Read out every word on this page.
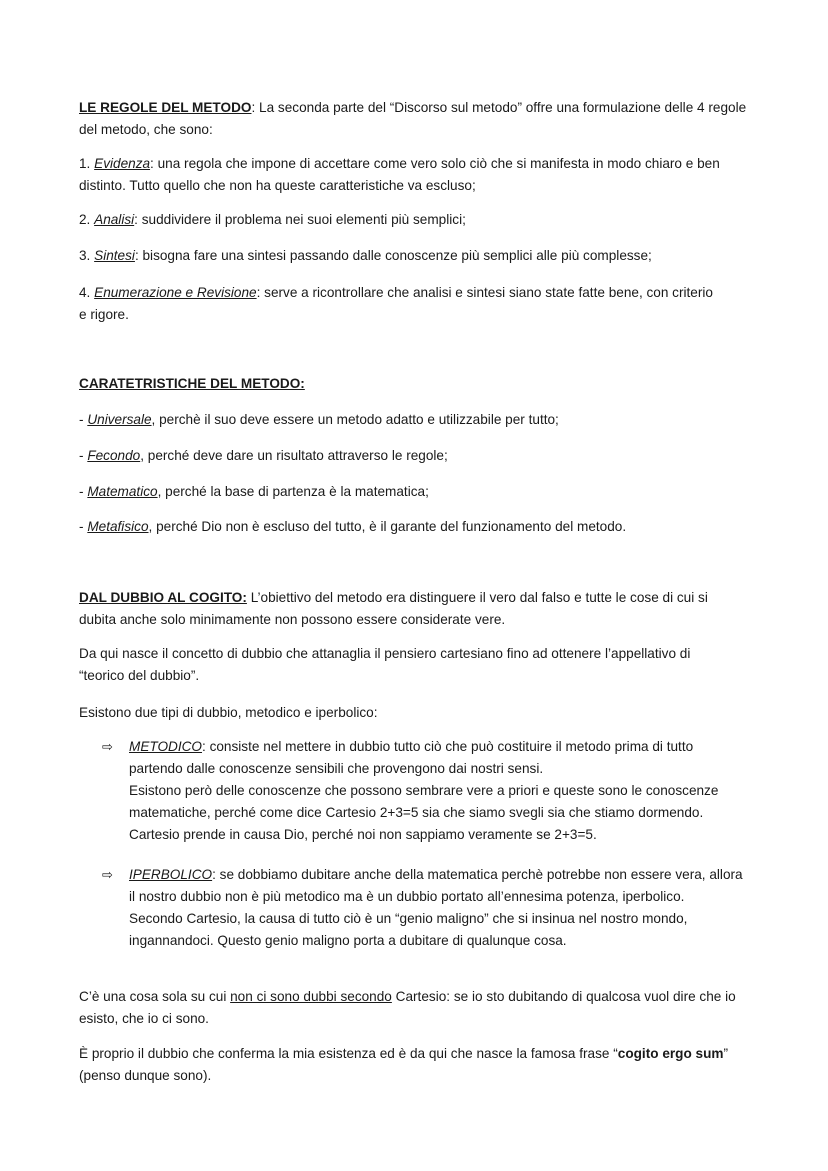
LE REGOLE DEL METODO: La seconda parte del “Discorso sul metodo” offre una formulazione delle 4 regole del metodo, che sono:

1. Evidenza: una regola che impone di accettare come vero solo ciò che si manifesta in modo chiaro e ben distinto. Tutto quello che non ha queste caratteristiche va escluso;

2. Analisi: suddividere il problema nei suoi elementi più semplici;

3. Sintesi: bisogna fare una sintesi passando dalle conoscenze più semplici alle più complesse;

4. Enumerazione e Revisione: serve a ricontrollare che analisi e sintesi siano state fatte bene, con criterio e rigore.

CARATETRISTICHE DEL METODO:

- Universale, perchè il suo deve essere un metodo adatto e utilizzabile per tutto;

- Fecondo, perché deve dare un risultato attraverso le regole;

- Matematico, perché la base di partenza è la matematica;

- Metafisico, perché Dio non è escluso del tutto, è il garante del funzionamento del metodo.

DAL DUBBIO AL COGITO: L’obiettivo del metodo era distinguere il vero dal falso e tutte le cose di cui si dubita anche solo minimamente non possono essere considerate vere.

Da qui nasce il concetto di dubbio che attanaglia il pensiero cartesiano fino ad ottenere l’appellativo di “teorico del dubbio”.

Esistono due tipi di dubbio, metodico e iperbolico:

⇨ METODICO: consiste nel mettere in dubbio tutto ciò che può costituire il metodo prima di tutto partendo dalle conoscenze sensibili che provengono dai nostri sensi.
Esistono però delle conoscenze che possono sembrare vere a priori e queste sono le conoscenze matematiche, perché come dice Cartesio 2+3=5 sia che siamo svegli sia che stiamo dormendo.
Cartesio prende in causa Dio, perché noi non sappiamo veramente se 2+3=5.
⇨ IPERBOLICO: se dobbiamo dubitare anche della matematica perchè potrebbe non essere vera, allora il nostro dubbio non è più metodico ma è un dubbio portato all’ennesima potenza, iperbolico.
Secondo Cartesio, la causa di tutto ciò è un “genio maligno” che si insinua nel nostro mondo, ingannandoci. Questo genio maligno porta a dubitare di qualunque cosa.

C’è una cosa sola su cui non ci sono dubbi secondo Cartesio: se io sto dubitando di qualcosa vuol dire che io esisto, che io ci sono.

È proprio il dubbio che conferma la mia esistenza ed è da qui che nasce la famosa frase “cogito ergo sum” (penso dunque sono).
